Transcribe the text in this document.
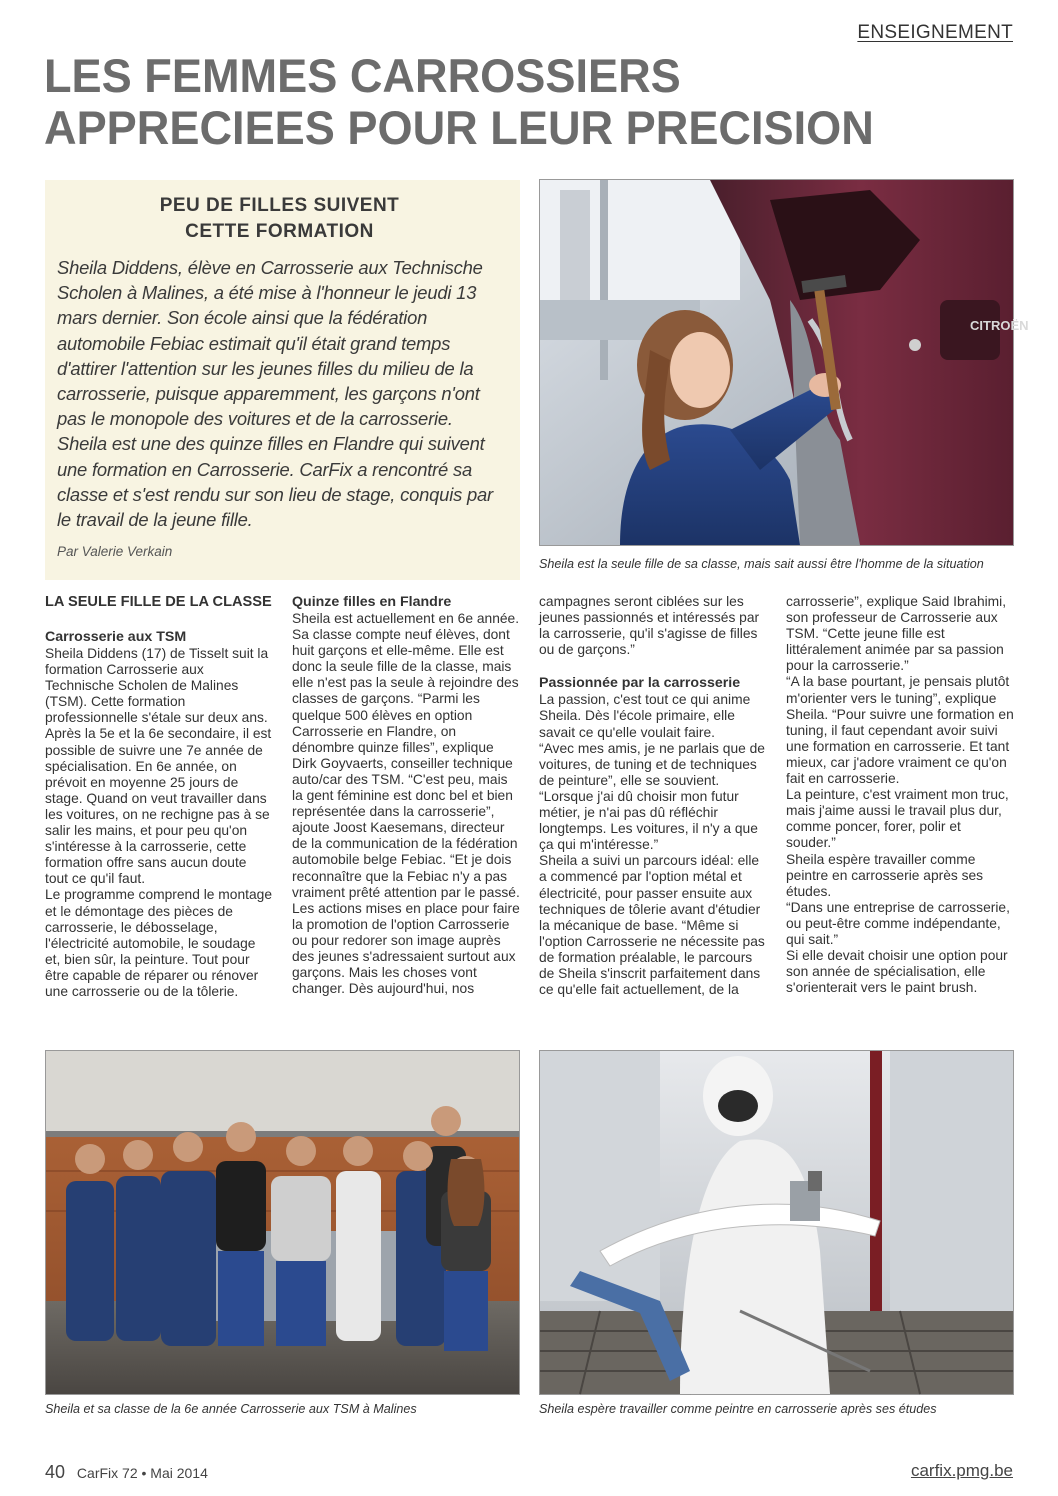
ENSEIGNEMENT
LES FEMMES CARROSSIERS
APPRECIEES POUR LEUR PRECISION
PEU DE FILLES SUIVENT
CETTE FORMATION
Sheila Diddens, élève en Carrosserie aux Technische Scholen à Malines, a été mise à l'honneur le jeudi 13 mars dernier. Son école ainsi que la fédération automobile Febiac estimait qu'il était grand temps d'attirer l'attention sur les jeunes filles du milieu de la carrosserie, puisque apparemment, les garçons n'ont pas le monopole des voitures et de la carrosserie. Sheila est une des quinze filles en Flandre qui suivent une formation en Carrosserie. CarFix a rencontré sa classe et s'est rendu sur son lieu de stage, conquis par le travail de la jeune fille.
Par Valerie Verkain
CITROËN
Sheila est la seule fille de sa classe, mais sait aussi être l'homme de la situation
LA SEULE FILLE DE LA CLASSE
Carrosserie aux TSM

Sheila Diddens (17) de Tisselt suit la formation Carrosserie aux Technische Scholen de Malines (TSM). Cette formation professionnelle s'étale sur deux ans. Après la 5e et la 6e secondaire, il est possible de suivre une 7e année de spécialisation. En 6e année, on prévoit en moyenne 25 jours de stage. Quand on veut travailler dans les voitures, on ne rechigne pas à se salir les mains, et pour peu qu'on s'intéresse à la carrosserie, cette formation offre sans aucun doute tout ce qu'il faut.

Le programme comprend le montage et le démontage des pièces de carrosserie, le débosselage, l'électricité automobile, le soudage et, bien sûr, la peinture. Tout pour être capable de réparer ou rénover une carrosserie ou de la tôlerie.

Quinze filles en Flandre

Sheila est actuellement en 6e année. Sa classe compte neuf élèves, dont huit garçons et elle-même. Elle est donc la seule fille de la classe, mais elle n'est pas la seule à rejoindre des classes de garçons. “Parmi les quelque 500 élèves en option Carrosserie en Flandre, on dénombre quinze filles”, explique Dirk Goyvaerts, conseiller technique auto/car des TSM. “C'est peu, mais la gent féminine est donc bel et bien représentée dans la carrosserie”, ajoute Joost Kaesemans, directeur de la communication de la fédération automobile belge Febiac. “Et je dois reconnaître que la Febiac n'y a pas vraiment prêté attention par le passé. Les actions mises en place pour faire la promotion de l'option Carrosserie ou pour redorer son image auprès des jeunes s'adressaient surtout aux garçons. Mais les choses vont changer. Dès aujourd'hui, nos

campagnes seront ciblées sur les jeunes passionnés et intéressés par la carrosserie, qu'il s'agisse de filles ou de garçons.”

Passionnée par la carrosserie

La passion, c'est tout ce qui anime Sheila. Dès l'école primaire, elle savait ce qu'elle voulait faire.

“Avec mes amis, je ne parlais que de voitures, de tuning et de techniques de peinture”, elle se souvient.

“Lorsque j'ai dû choisir mon futur métier, je n'ai pas dû réfléchir longtemps. Les voitures, il n'y a que ça qui m'intéresse.”

Sheila a suivi un parcours idéal: elle a commencé par l'option métal et électricité, pour passer ensuite aux techniques de tôlerie avant d'étudier la mécanique de base. “Même si l'option Carrosserie ne nécessite pas de formation préalable, le parcours de Sheila s'inscrit parfaitement dans ce qu'elle fait actuellement, de la

carrosserie”, explique Said Ibrahimi, son professeur de Carrosserie aux TSM. “Cette jeune fille est littéralement animée par sa passion pour la carrosserie.”

“A la base pourtant, je pensais plutôt m'orienter vers le tuning”, explique Sheila. “Pour suivre une formation en tuning, il faut cependant avoir suivi une formation en carrosserie. Et tant mieux, car j'adore vraiment ce qu'on fait en carrosserie.

La peinture, c'est vraiment mon truc, mais j'aime aussi le travail plus dur, comme poncer, forer, polir et souder.”

Sheila espère travailler comme peintre en carrosserie après ses études.

“Dans une entreprise de carrosserie, ou peut-être comme indépendante, qui sait.”

Si elle devait choisir une option pour son année de spécialisation, elle s'orienterait vers le paint brush.

Sheila et sa classe de la 6e année Carrosserie aux TSM à Malines	Sheila espère travailler comme peintre en carrosserie après ses études
40 CarFix 72 • Mai 2014	carfix.pmg.be
